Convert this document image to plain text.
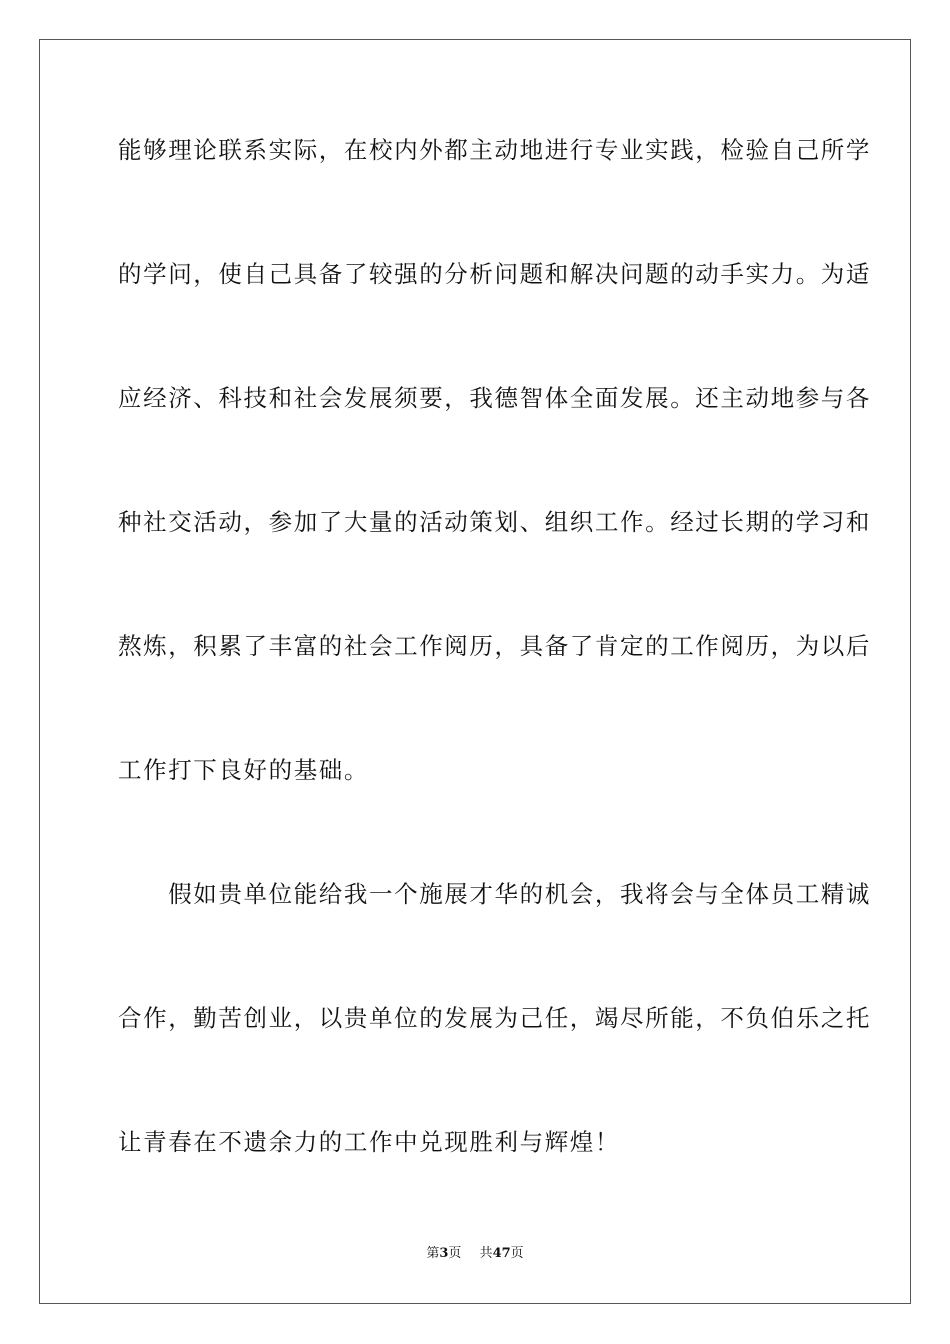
能够理论联系实际，在校内外都主动地进行专业实践，检验自己所学
的学问，使自己具备了较强的分析问题和解决问题的动手实力。为适
应经济、科技和社会发展须要，我德智体全面发展。还主动地参与各
种社交活动，参加了大量的活动策划、组织工作。经过长期的学习和
熬炼，积累了丰富的社会工作阅历，具备了肯定的工作阅历，为以后
工作打下良好的基础。
　　假如贵单位能给我一个施展才华的机会，我将会与全体员工精诚
合作，勤苦创业，以贵单位的发展为己任，竭尽所能，不负伯乐之托
让青春在不遗余力的工作中兑现胜利与辉煌！
第3页 共47页
